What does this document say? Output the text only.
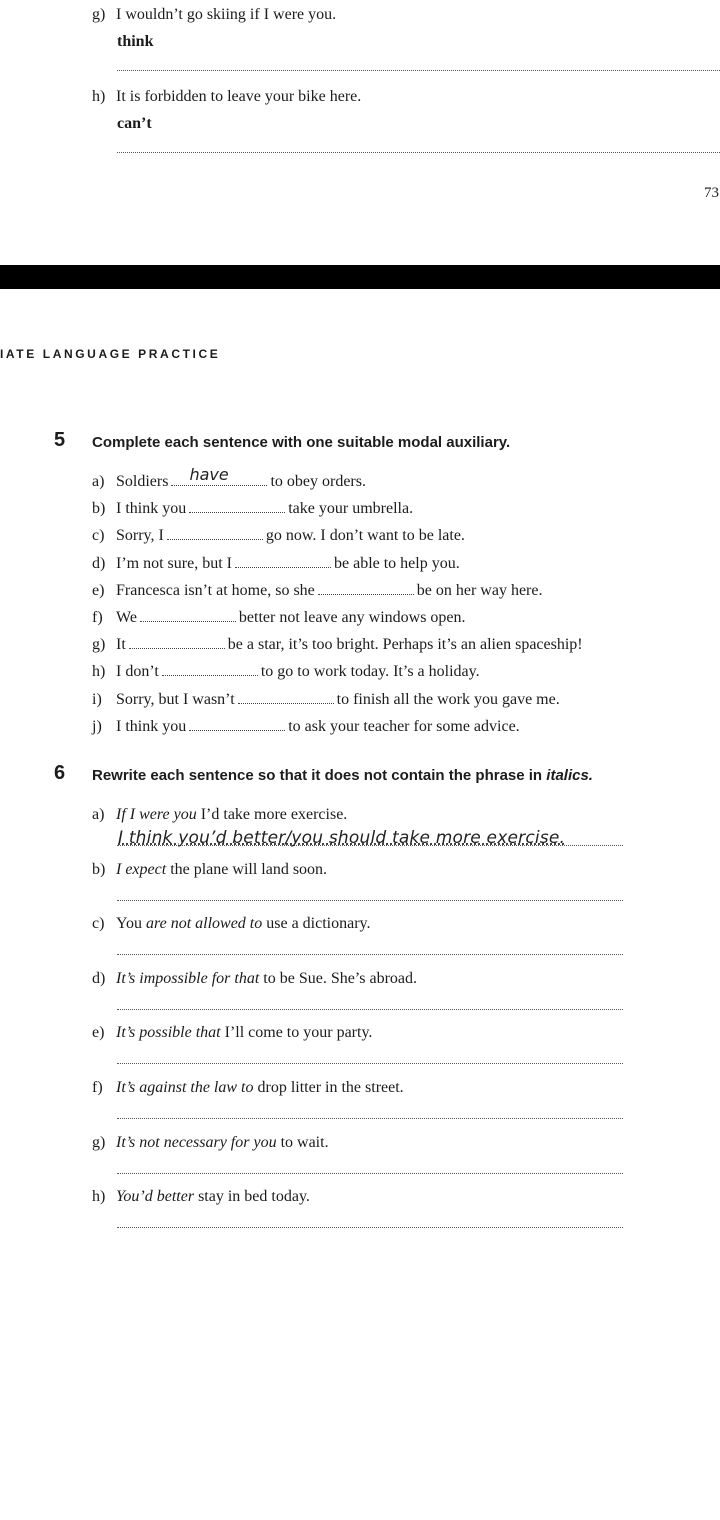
g) I wouldn’t go skiing if I were you.
think
h) It is forbidden to leave your bike here.
can’t
73
IATE LANGUAGE PRACTICE
5 Complete each sentence with one suitable modal auxiliary.
a) Soldiers have	to obey orders.
b) I think you	take your umbrella.
c) Sorry, I	go now. I don’t want to be late.
d) I’m not sure, but I	be able to help you.
e) Francesca isn’t at home, so she	be on her way here.
f) We	better not leave any windows open.
g) It	be a star, it’s too bright. Perhaps it’s an alien spaceship!
h) I don’t	to go to work today. It’s a holiday.
i) Sorry, but I wasn’t	to finish all the work you gave me.
j) I think you	to ask your teacher for some advice.
6 Rewrite each sentence so that it does not contain the phrase in italics.
a) If I were you I’d take more exercise.
I think you’d better/you should take more exercise.
b) I expect the plane will land soon.
c) You are not allowed to use a dictionary.
d) It’s impossible for that to be Sue. She’s abroad.
e) It’s possible that I’ll come to your party.
f) It’s against the law to drop litter in the street.
g) It’s not necessary for you to wait.
h) You’d better stay in bed today.
